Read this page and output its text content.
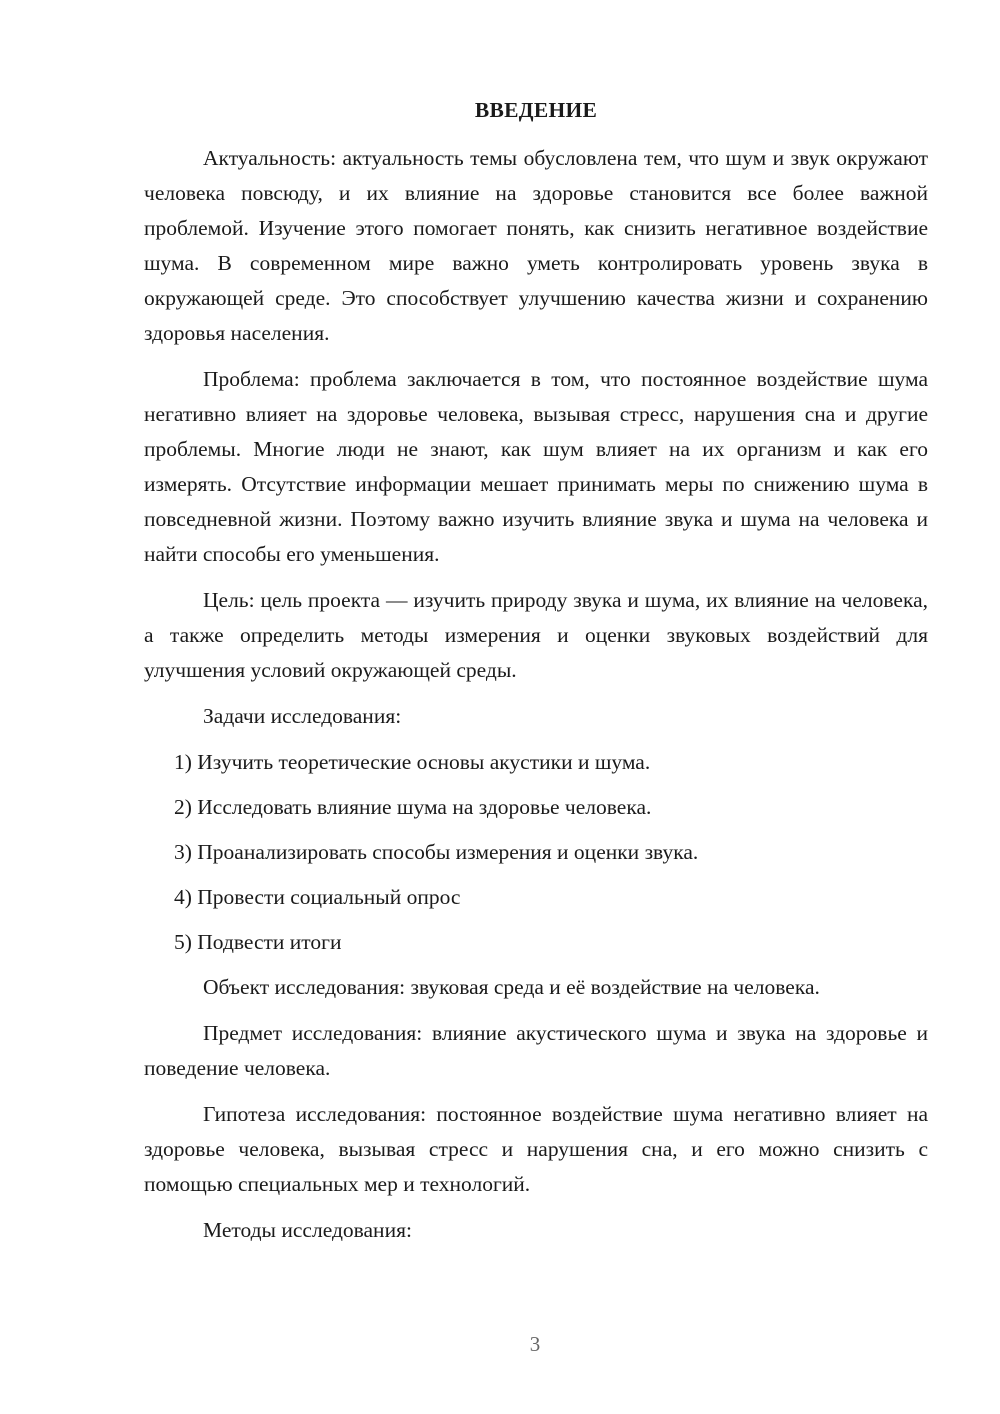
ВВЕДЕНИЕ

Актуальность: актуальность темы обусловлена тем, что шум и звук окружают человека повсюду, и их влияние на здоровье становится все более важной проблемой. Изучение этого помогает понять, как снизить негативное воздействие шума. В современном мире важно уметь контролировать уровень звука в окружающей среде. Это способствует улучшению качества жизни и сохранению здоровья населения.

Проблема: проблема заключается в том, что постоянное воздействие шума негативно влияет на здоровье человека, вызывая стресс, нарушения сна и другие проблемы. Многие люди не знают, как шум влияет на их организм и как его измерять. Отсутствие информации мешает принимать меры по снижению шума в повседневной жизни. Поэтому важно изучить влияние звука и шума на человека и найти способы его уменьшения.

Цель: цель проекта — изучить природу звука и шума, их влияние на человека, а также определить методы измерения и оценки звуковых воздействий для улучшения условий окружающей среды.

Задачи исследования:

1) Изучить теоретические основы акустики и шума.
2) Исследовать влияние шума на здоровье человека.
3) Проанализировать способы измерения и оценки звука.
4) Провести социальный опрос
5) Подвести итоги

Объект исследования: звуковая среда и её воздействие на человека.

Предмет исследования: влияние акустического шума и звука на здоровье и поведение человека.

Гипотеза исследования: постоянное воздействие шума негативно влияет на здоровье человека, вызывая стресс и нарушения сна, и его можно снизить с помощью специальных мер и технологий.

Методы исследования:

3
